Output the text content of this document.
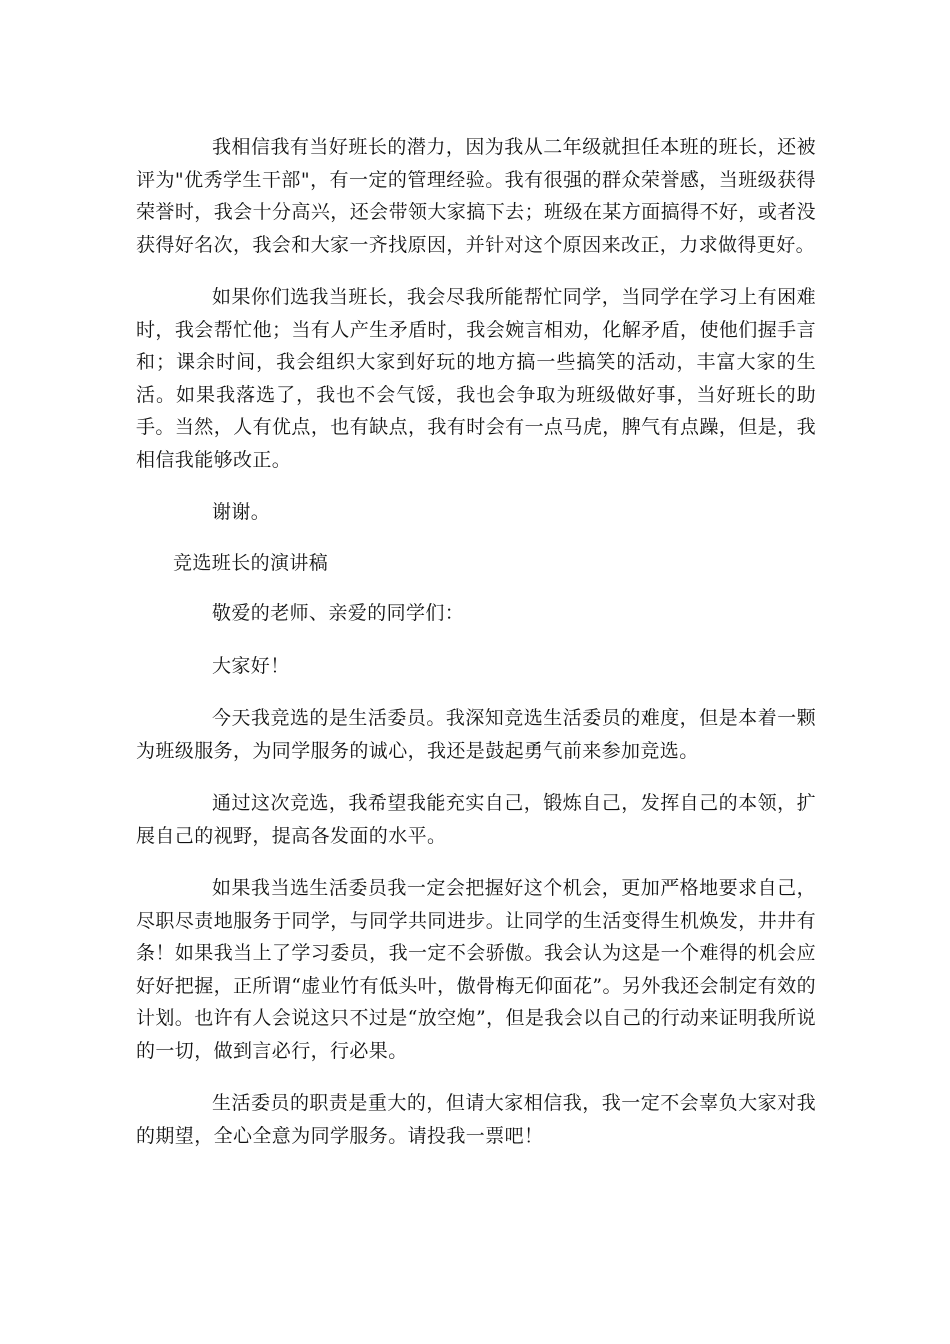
我相信我有当好班长的潜力，因为我从二年级就担任本班的班长，还被评为"优秀学生干部"，有一定的管理经验。我有很强的群众荣誉感，当班级获得荣誉时，我会十分高兴，还会带领大家搞下去；班级在某方面搞得不好，或者没获得好名次，我会和大家一齐找原因，并针对这个原因来改正，力求做得更好。

如果你们选我当班长，我会尽我所能帮忙同学，当同学在学习上有困难时，我会帮忙他；当有人产生矛盾时，我会婉言相劝，化解矛盾，使他们握手言和；课余时间，我会组织大家到好玩的地方搞一些搞笑的活动，丰富大家的生活。如果我落选了，我也不会气馁，我也会争取为班级做好事，当好班长的助手。当然，人有优点，也有缺点，我有时会有一点马虎，脾气有点躁，但是，我相信我能够改正。

谢谢。

竞选班长的演讲稿

敬爱的老师、亲爱的同学们：

大家好！

今天我竞选的是生活委员。我深知竞选生活委员的难度，但是本着一颗为班级服务，为同学服务的诚心，我还是鼓起勇气前来参加竞选。

通过这次竞选，我希望我能充实自己，锻炼自己，发挥自己的本领，扩展自己的视野，提高各发面的水平。

如果我当选生活委员我一定会把握好这个机会，更加严格地要求自己，尽职尽责地服务于同学，与同学共同进步。让同学的生活变得生机焕发，井井有条！如果我当上了学习委员，我一定不会骄傲。我会认为这是一个难得的机会应好好把握，正所谓“虚业竹有低头叶，傲骨梅无仰面花”。另外我还会制定有效的计划。也许有人会说这只不过是“放空炮”，但是我会以自己的行动来证明我所说的一切，做到言必行，行必果。

生活委员的职责是重大的，但请大家相信我，我一定不会辜负大家对我的期望，全心全意为同学服务。请投我一票吧！
